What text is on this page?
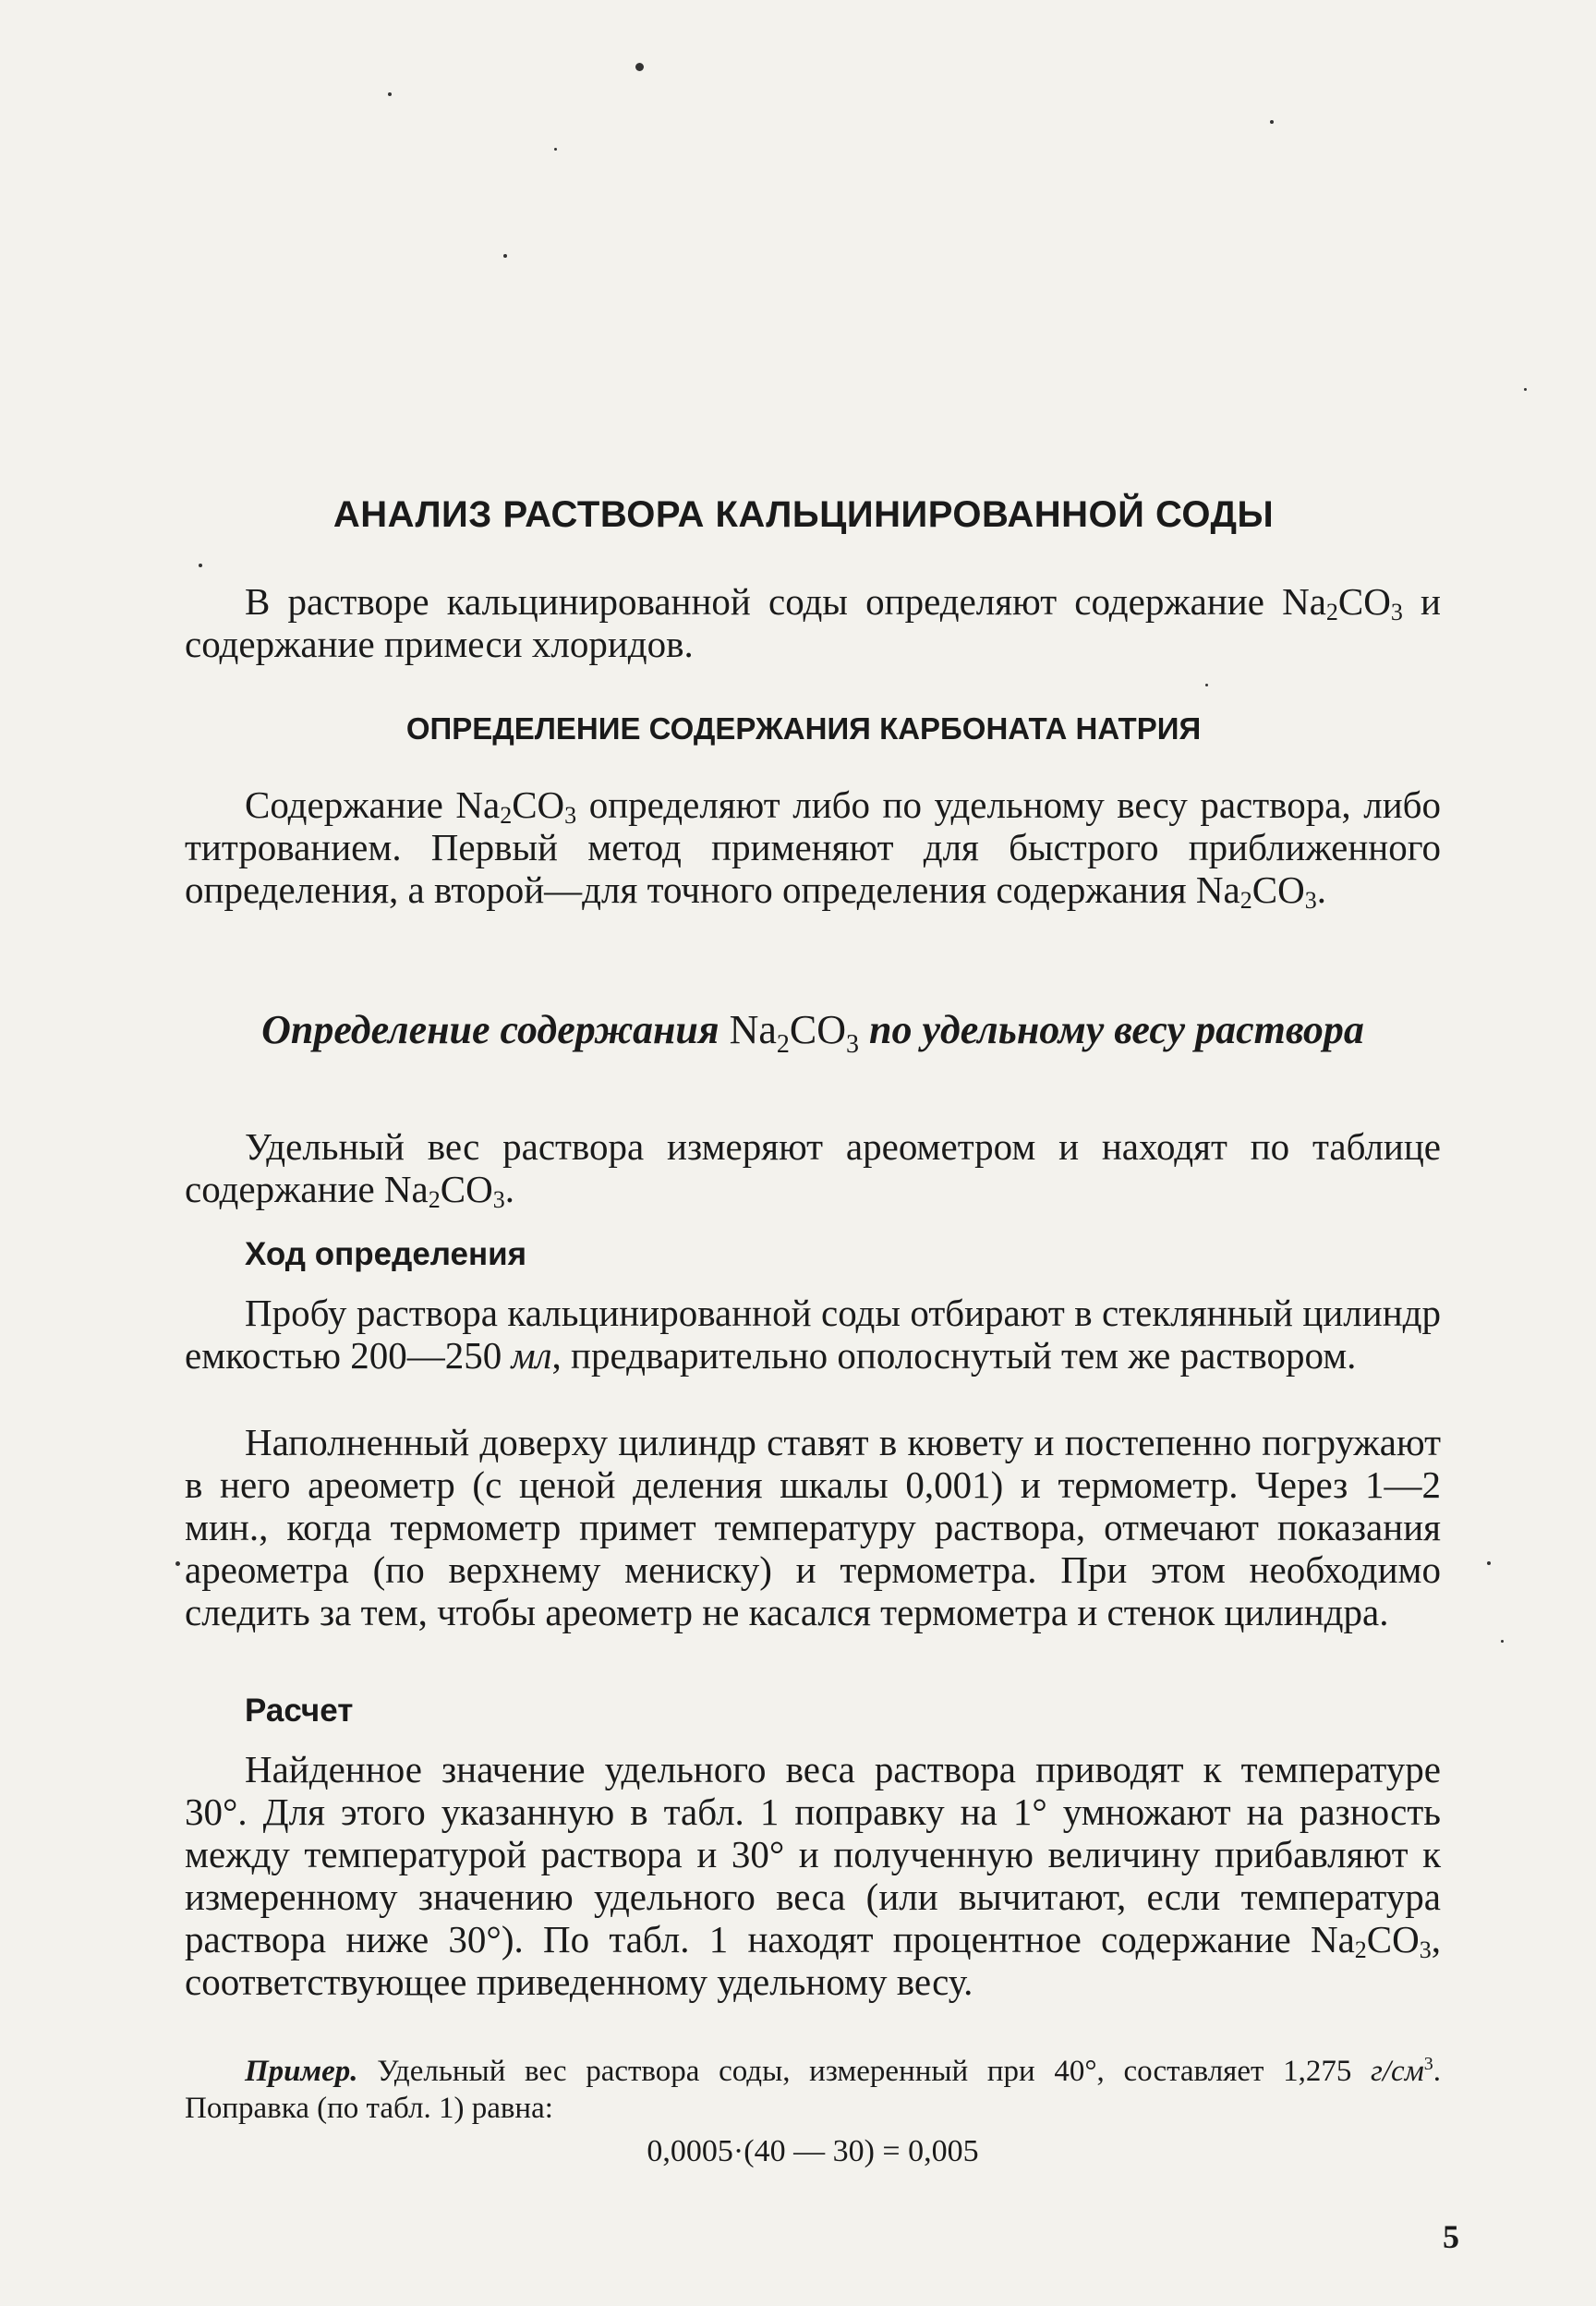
АНАЛИЗ РАСТВОРА КАЛЬЦИНИРОВАННОЙ СОДЫ
В растворе кальцинированной соды определяют содержание $Na_2CO_3$ и содержание примеси хлоридов.
ОПРЕДЕЛЕНИЕ СОДЕРЖАНИЯ КАРБОНАТА НАТРИЯ
Содержание $Na_2CO_3$ определяют либо по удельному весу раствора, либо титрованием. Первый метод применяют для быстрого приближенного определения, а второй—для точного определения содержания $Na_2CO_3$.
Определение содержания $Na_2CO_3$ по удельному весу раствора
Удельный вес раствора измеряют ареометром и находят по таблице содержание $Na_2CO_3$.
Ход определения
Пробу раствора кальцинированной соды отбирают в стеклянный цилиндр емкостью 200—250 мл, предварительно ополоснутый тем же раствором.
Наполненный доверху цилиндр ставят в кювету и постепенно погружают в него ареометр (с ценой деления шкалы 0,001) и термометр. Через 1—2 мин., когда термометр примет температуру раствора, отмечают показания ареометра (по верхнему мениску) и термометра. При этом необходимо следить за тем, чтобы ареометр не касался термометра и стенок цилиндра.
Расчет
Найденное значение удельного веса раствора приводят к температуре 30°. Для этого указанную в табл. 1 поправку на 1° умножают на разность между температурой раствора и 30° и полученную величину прибавляют к измеренному значению удельного веса (или вычитают, если температура раствора ниже 30°). По табл. 1 находят процентное содержание $Na_2CO_3$, соответствующее приведенному удельному весу.
Пример. Удельный вес раствора соды, измеренный при 40°, составляет 1,275 $г/см^3$. Поправка (по табл. 1) равна:
0,0005·(40 — 30) = 0,005
5
